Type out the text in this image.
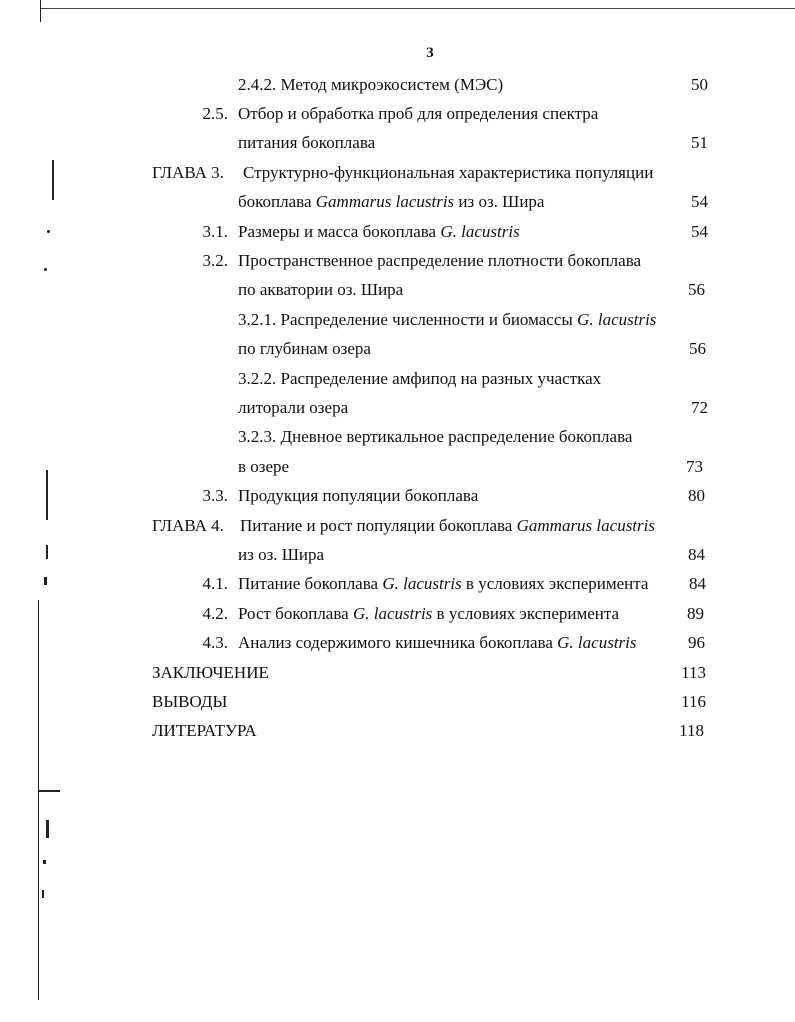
3
2.4.2. Метод микроэкосистем (МЭС)	50
2.5. Отбор и обработка проб для определения спектра
питания бокоплава	51
ГЛАВА 3. Структурно-функциональная характеристика популяции
бокоплава Gammarus lacustris из оз. Шира	54
3.1. Размеры и масса бокоплава G. lacustris	54
3.2. Пространственное распределение плотности бокоплава
по акватории оз. Шира	56
3.2.1. Распределение численности и биомассы G. lacustris
по глубинам озера	56
3.2.2. Распределение амфипод на разных участках
литорали озера	72
3.2.3. Дневное вертикальное распределение бокоплава
в озере	73
3.3. Продукция популяции бокоплава	80
ГЛАВА 4. Питание и рост популяции бокоплава Gammarus lacustris
из оз. Шира	84
4.1. Питание бокоплава G. lacustris в условиях эксперимента	84
4.2. Рост бокоплава G. lacustris в условиях эксперимента	89
4.3. Анализ содержимого кишечника бокоплава G. lacustris	96
ЗАКЛЮЧЕНИЕ	113
ВЫВОДЫ	116
ЛИТЕРАТУРА	118
